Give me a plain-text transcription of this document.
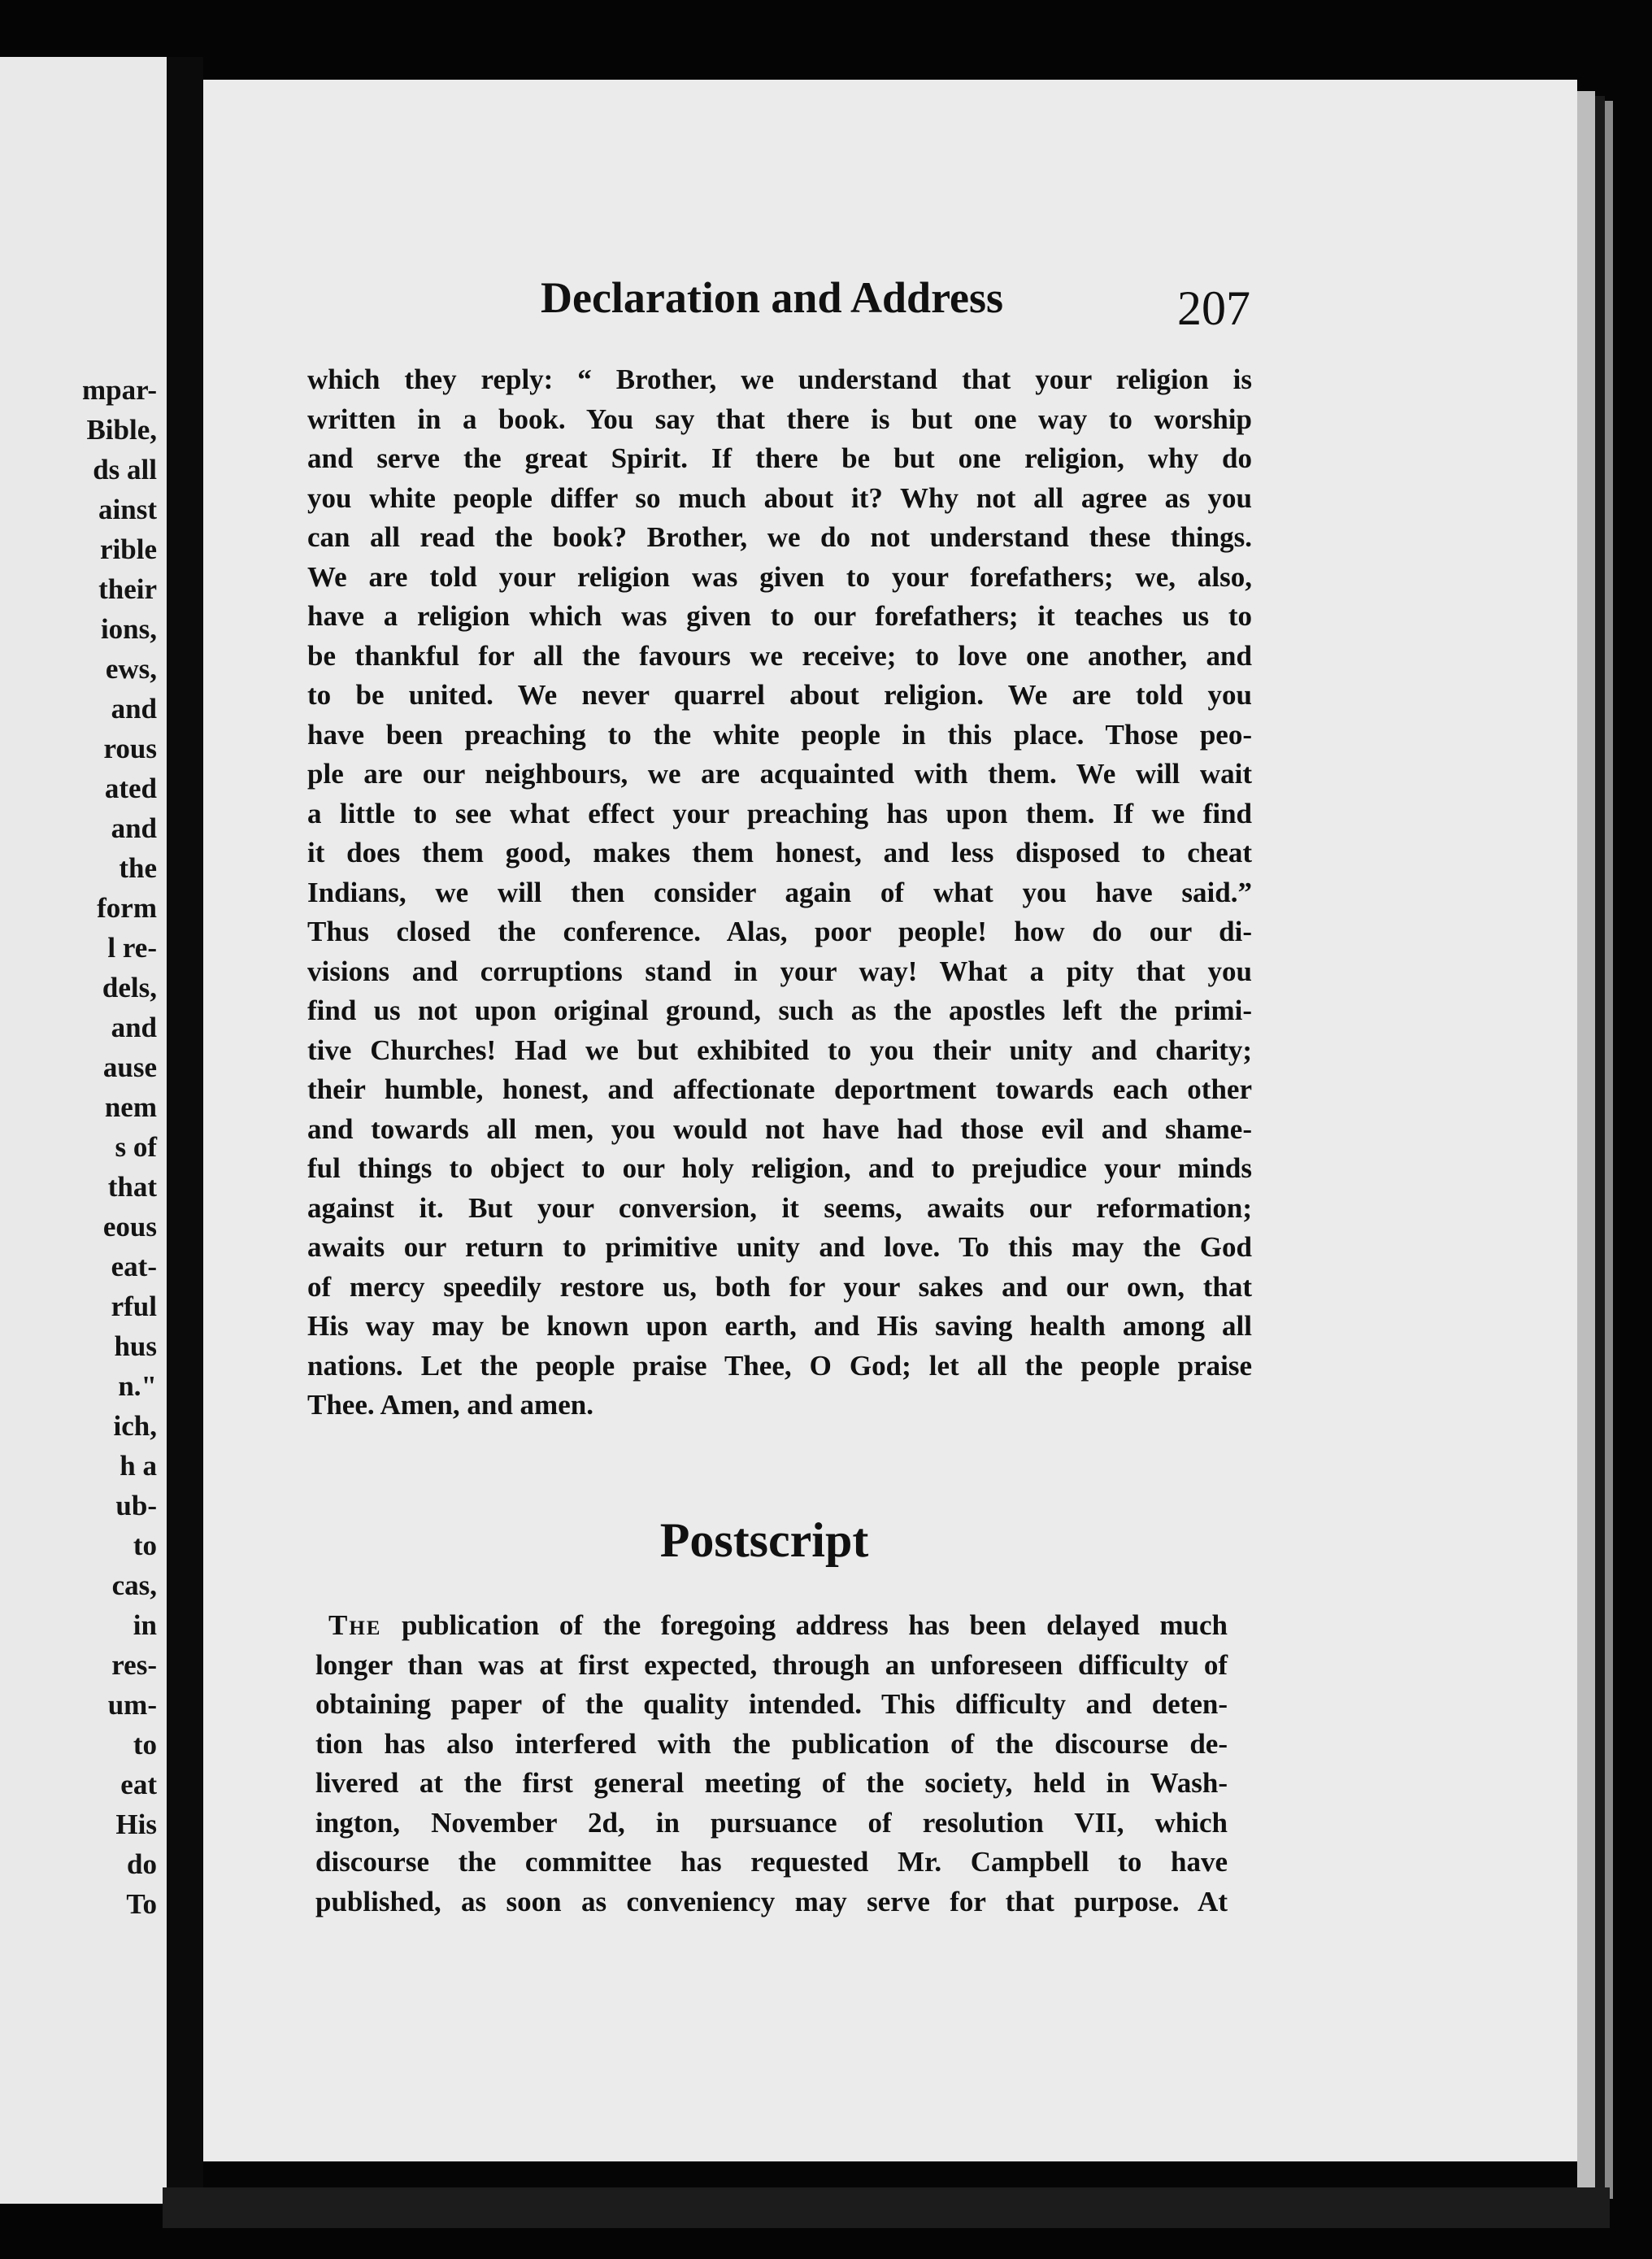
mpar-
Bible,
ds all
ainst
rible
their
ions,
ews,
and
rous
ated
and
the
form
l re-
dels,
and
ause
nem
s of
that
eous
eat-
rful
hus
n."
ich,
h a
ub-
to
cas,
in
res-
um-
to
eat
His
do
To
Declaration and Address	207
which they reply: “ Brother, we understand that your religion is
written in a book. You say that there is but one way to worship
and serve the great Spirit. If there be but one religion, why do
you white people differ so much about it? Why not all agree as you
can all read the book? Brother, we do not understand these things.
We are told your religion was given to your forefathers; we, also,
have a religion which was given to our forefathers; it teaches us to
be thankful for all the favours we receive; to love one another, and
to be united. We never quarrel about religion. We are told you
have been preaching to the white people in this place. Those peo-
ple are our neighbours, we are acquainted with them. We will wait
a little to see what effect your preaching has upon them. If we find
it does them good, makes them honest, and less disposed to cheat
Indians, we will then consider again of what you have said.”
Thus closed the conference. Alas, poor people! how do our di-
visions and corruptions stand in your way! What a pity that you
find us not upon original ground, such as the apostles left the primi-
tive Churches! Had we but exhibited to you their unity and charity;
their humble, honest, and affectionate deportment towards each other
and towards all men, you would not have had those evil and shame-
ful things to object to our holy religion, and to prejudice your minds
against it. But your conversion, it seems, awaits our reformation;
awaits our return to primitive unity and love. To this may the God
of mercy speedily restore us, both for your sakes and our own, that
His way may be known upon earth, and His saving health among all
nations. Let the people praise Thee, O God; let all the people praise
Thee. Amen, and amen.
Postscript
The publication of the foregoing address has been delayed much
longer than was at first expected, through an unforeseen difficulty of
obtaining paper of the quality intended. This difficulty and deten-
tion has also interfered with the publication of the discourse de-
livered at the first general meeting of the society, held in Wash-
ington, November 2d, in pursuance of resolution VII, which
discourse the committee has requested Mr. Campbell to have
published, as soon as conveniency may serve for that purpose. At
